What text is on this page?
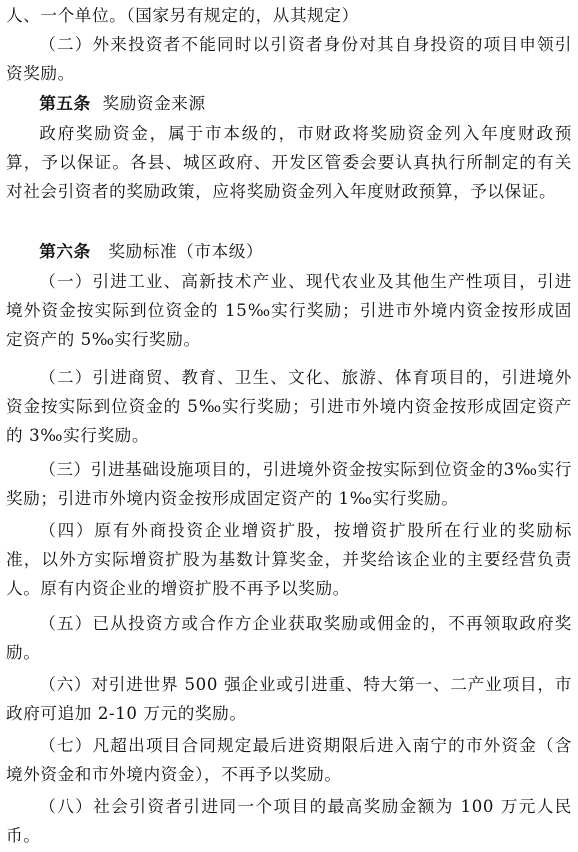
人、一个单位。（国家另有规定的，从其规定）

（二）外来投资者不能同时以引资者身份对其自身投资的项目申领引资奖励。

第五条 奖励资金来源

政府奖励资金，属于市本级的，市财政将奖励资金列入年度财政预算，予以保证。各县、城区政府、开发区管委会要认真执行所制定的有关对社会引资者的奖励政策，应将奖励资金列入年度财政预算，予以保证。

第六条 奖励标准（市本级）

（一）引进工业、高新技术产业、现代农业及其他生产性项目，引进境外资金按实际到位资金的 15‰实行奖励；引进市外境内资金按形成固定资产的 5‰实行奖励。

（二）引进商贸、教育、卫生、文化、旅游、体育项目的，引进境外资金按实际到位资金的 5‰实行奖励；引进市外境内资金按形成固定资产的 3‰实行奖励。

（三）引进基础设施项目的，引进境外资金按实际到位资金的3‰实行奖励；引进市外境内资金按形成固定资产的 1‰实行奖励。

（四）原有外商投资企业增资扩股，按增资扩股所在行业的奖励标准，以外方实际增资扩股为基数计算奖金，并奖给该企业的主要经营负责人。原有内资企业的增资扩股不再予以奖励。

（五）已从投资方或合作方企业获取奖励或佣金的，不再领取政府奖励。

（六）对引进世界 500 强企业或引进重、特大第一、二产业项目，市政府可追加 2-10 万元的奖励。

（七）凡超出项目合同规定最后进资期限后进入南宁的市外资金（含境外资金和市外境内资金），不再予以奖励。

（八）社会引资者引进同一个项目的最高奖励金额为 100 万元人民币。
